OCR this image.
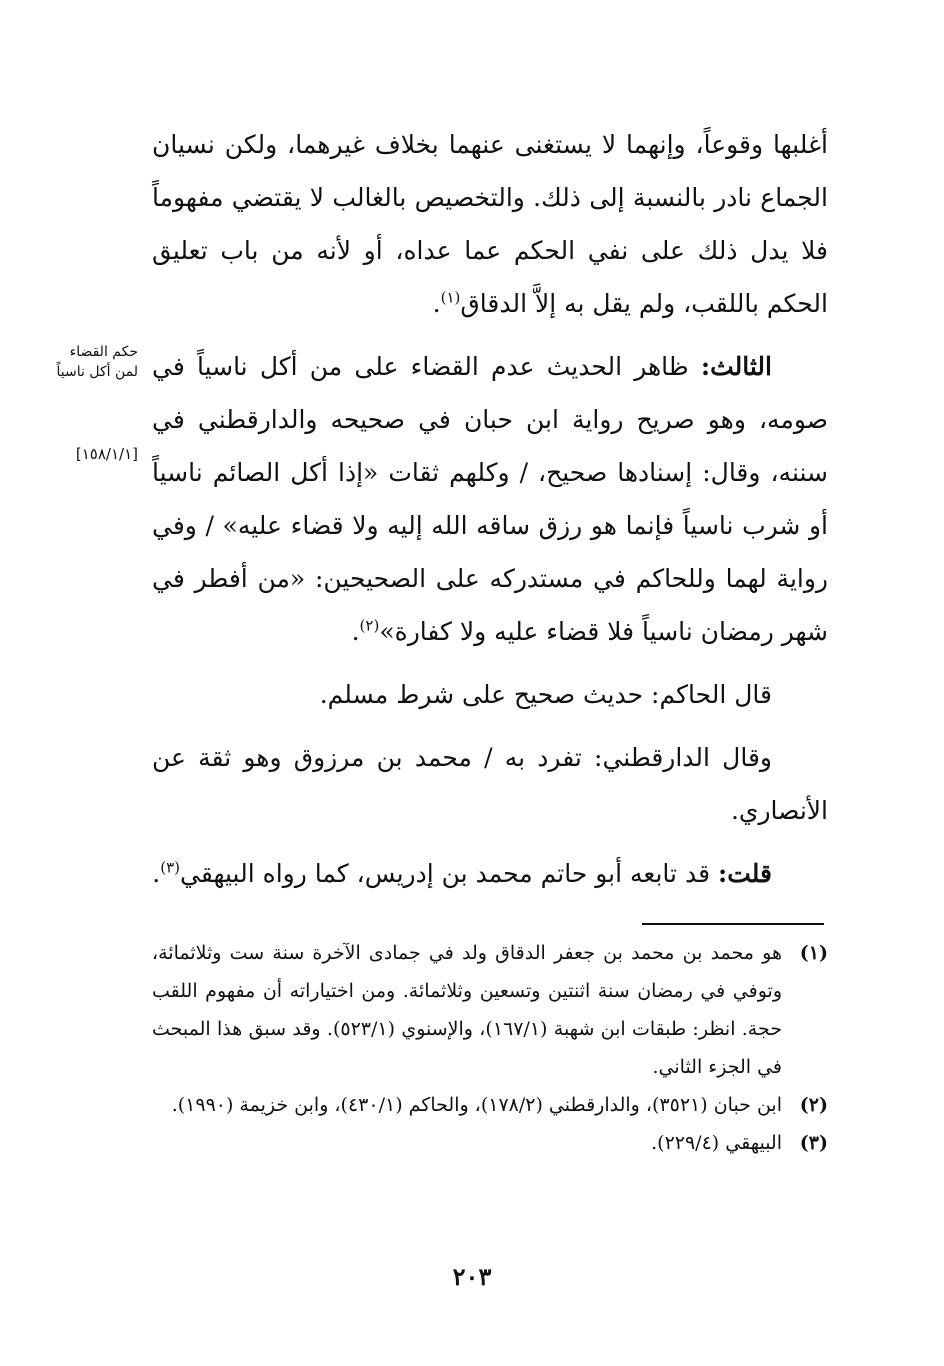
أغلبها وقوعاً، وإنهما لا يستغنى عنهما بخلاف غيرهما، ولكن نسيان الجماع نادر بالنسبة إلى ذلك. والتخصيص بالغالب لا يقتضي مفهوماً فلا يدل ذلك على نفي الحكم عما عداه، أو لأنه من باب تعليق الحكم باللقب، ولم يقل به إلاَّ الدقاق$^{(١)}$.

الثالث: ظاهر الحديث عدم القضاء على من أكل ناسياً في صومه، وهو صريح رواية ابن حبان في صحيحه والدارقطني في سننه، وقال: إسنادها صحيح، / وكلهم ثقات «إذا أكل الصائم ناسياً أو شرب ناسياً فإنما هو رزق ساقه الله إليه ولا قضاء عليه» / وفي رواية لهما وللحاكم في مستدركه على الصحيحين: «من أفطر في شهر رمضان ناسياً فلا قضاء عليه ولا كفارة»$^{(٢)}$.

قال الحاكم: حديث صحيح على شرط مسلم.

وقال الدارقطني: تفرد به / محمد بن مرزوق وهو ثقة عن الأنصاري.

قلت: قد تابعه أبو حاتم محمد بن إدريس، كما رواه البيهقي$^{(٣)}$.

حكم القضاء
لمن أكل ناسياً
[١٥٨/١/١]
(١)
هو محمد بن محمد بن جعفر الدقاق ولد في جمادى الآخرة سنة ست وثلاثمائة، وتوفي في رمضان سنة اثنتين وتسعين وثلاثمائة. ومن اختياراته أن مفهوم اللقب حجة. انظر: طبقات ابن شهبة (١٦٧/١)، والإسنوي (٥٢٣/١). وقد سبق هذا المبحث في الجزء الثاني.
(٢)
ابن حبان (٣٥٢١)، والدارقطني (١٧٨/٢)، والحاكم (٤٣٠/١)، وابن خزيمة (١٩٩٠).
(٣)
البيهقي (٢٢٩/٤).
٢٠٣
